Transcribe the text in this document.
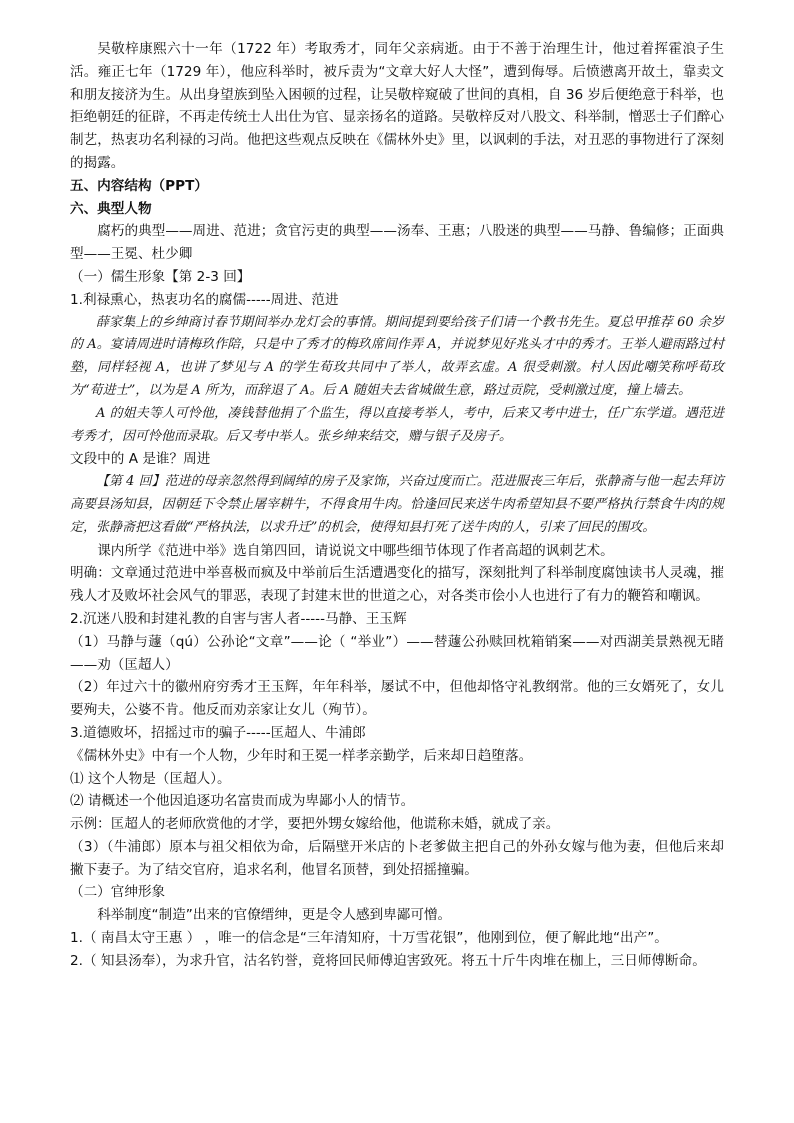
吴敬梓康熙六十一年（1722 年）考取秀才，同年父亲病逝。由于不善于治理生计，他过着挥霍浪子生活。雍正七年（1729 年），他应科举时，被斥责为“文章大好人大怪”，遭到侮辱。后愤懑离开故土，靠卖文和朋友接济为生。从出身望族到坠入困顿的过程，让吴敬梓窥破了世间的真相，自 36 岁后便绝意于科举，也拒绝朝廷的征辟，不再走传统士人出仕为官、显亲扬名的道路。吴敬梓反对八股文、科举制，憎恶士子们醉心制艺，热衷功名利禄的习尚。他把这些观点反映在《儒林外史》里，以讽刺的手法，对丑恶的事物进行了深刻的揭露。

五、内容结构（PPT）

六、典型人物

腐朽的典型——周进、范进；贪官污吏的典型——汤奉、王惠；八股迷的典型——马静、鲁编修；正面典型——王冕、杜少卿

（一）儒生形象【第 2-3 回】

1.利禄熏心，热衷功名的腐儒-----周进、范进

薛家集上的乡绅商讨春节期间举办龙灯会的事情。期间提到要给孩子们请一个教书先生。夏总甲推荐 60 余岁的 A。宴请周进时请梅玖作陪，只是中了秀才的梅玖席间作弄 A，并说梦见好兆头才中的秀才。王举人避雨路过村塾，同样轻视 A，也讲了梦见与 A 的学生荀玫共同中了举人，故弄玄虚。A 很受刺激。村人因此嘲笑称呼荀玫为“荀进士”，以为是 A 所为，而辞退了 A。后 A 随姐夫去省城做生意，路过贡院，受刺激过度，撞上墙去。

A 的姐夫等人可怜他，凑钱替他捐了个监生，得以直接考举人，考中，后来又考中进士，任广东学道。遇范进考秀才，因可怜他而录取。后又考中举人。张乡绅来结交，赠与银子及房子。

文段中的 A 是谁？周进

【第 4 回】范进的母亲忽然得到阔绰的房子及家饰，兴奋过度而亡。范进服丧三年后，张静斋与他一起去拜访高要县汤知县，因朝廷下令禁止屠宰耕牛，不得食用牛肉。恰逢回民来送牛肉希望知县不要严格执行禁食牛肉的规定，张静斋把这看做“严格执法，以求升迁”的机会，使得知县打死了送牛肉的人，引来了回民的围攻。

课内所学《范进中举》选自第四回，请说说文中哪些细节体现了作者高超的讽刺艺术。

明确：文章通过范进中举喜极而疯及中举前后生活遭遇变化的描写，深刻批判了科举制度腐蚀读书人灵魂，摧残人才及败坏社会风气的罪恶，表现了封建末世的世道之心，对各类市侩小人也进行了有力的鞭笞和嘲讽。

2.沉迷八股和封建礼教的自害与害人者-----马静、王玉辉

（1）马静与蘧（qú）公孙论“文章”——论（ “举业”）——替蘧公孙赎回枕箱销案——对西湖美景熟视无睹——劝（匡超人）

（2）年过六十的徽州府穷秀才王玉辉，年年科举，屡试不中，但他却恪守礼教纲常。他的三女婿死了，女儿要殉夫，公婆不肯。他反而劝亲家让女儿（殉节）。

3.道德败坏，招摇过市的骗子-----匡超人、牛浦郎

《儒林外史》中有一个人物，少年时和王冕一样孝亲勤学，后来却日趋堕落。

⑴ 这个人物是（匡超人）。

⑵ 请概述一个他因追逐功名富贵而成为卑鄙小人的情节。

示例：匡超人的老师欣赏他的才学，要把外甥女嫁给他，他谎称未婚，就成了亲。

（3）（牛浦郎）原本与祖父相依为命，后隔壁开米店的卜老爹做主把自己的外孙女嫁与他为妻，但他后来却撇下妻子。为了结交官府，追求名利，他冒名顶替，到处招摇撞骗。

（二）官绅形象

科举制度“制造”出来的官僚缙绅，更是令人感到卑鄙可憎。

1.（ 南昌太守王惠 ） ，唯一的信念是“三年清知府，十万雪花银”，他刚到位，便了解此地“出产”。

2.（ 知县汤奉），为求升官，沽名钓誉，竟将回民师傅迫害致死。将五十斤牛肉堆在枷上，三日师傅断命。
